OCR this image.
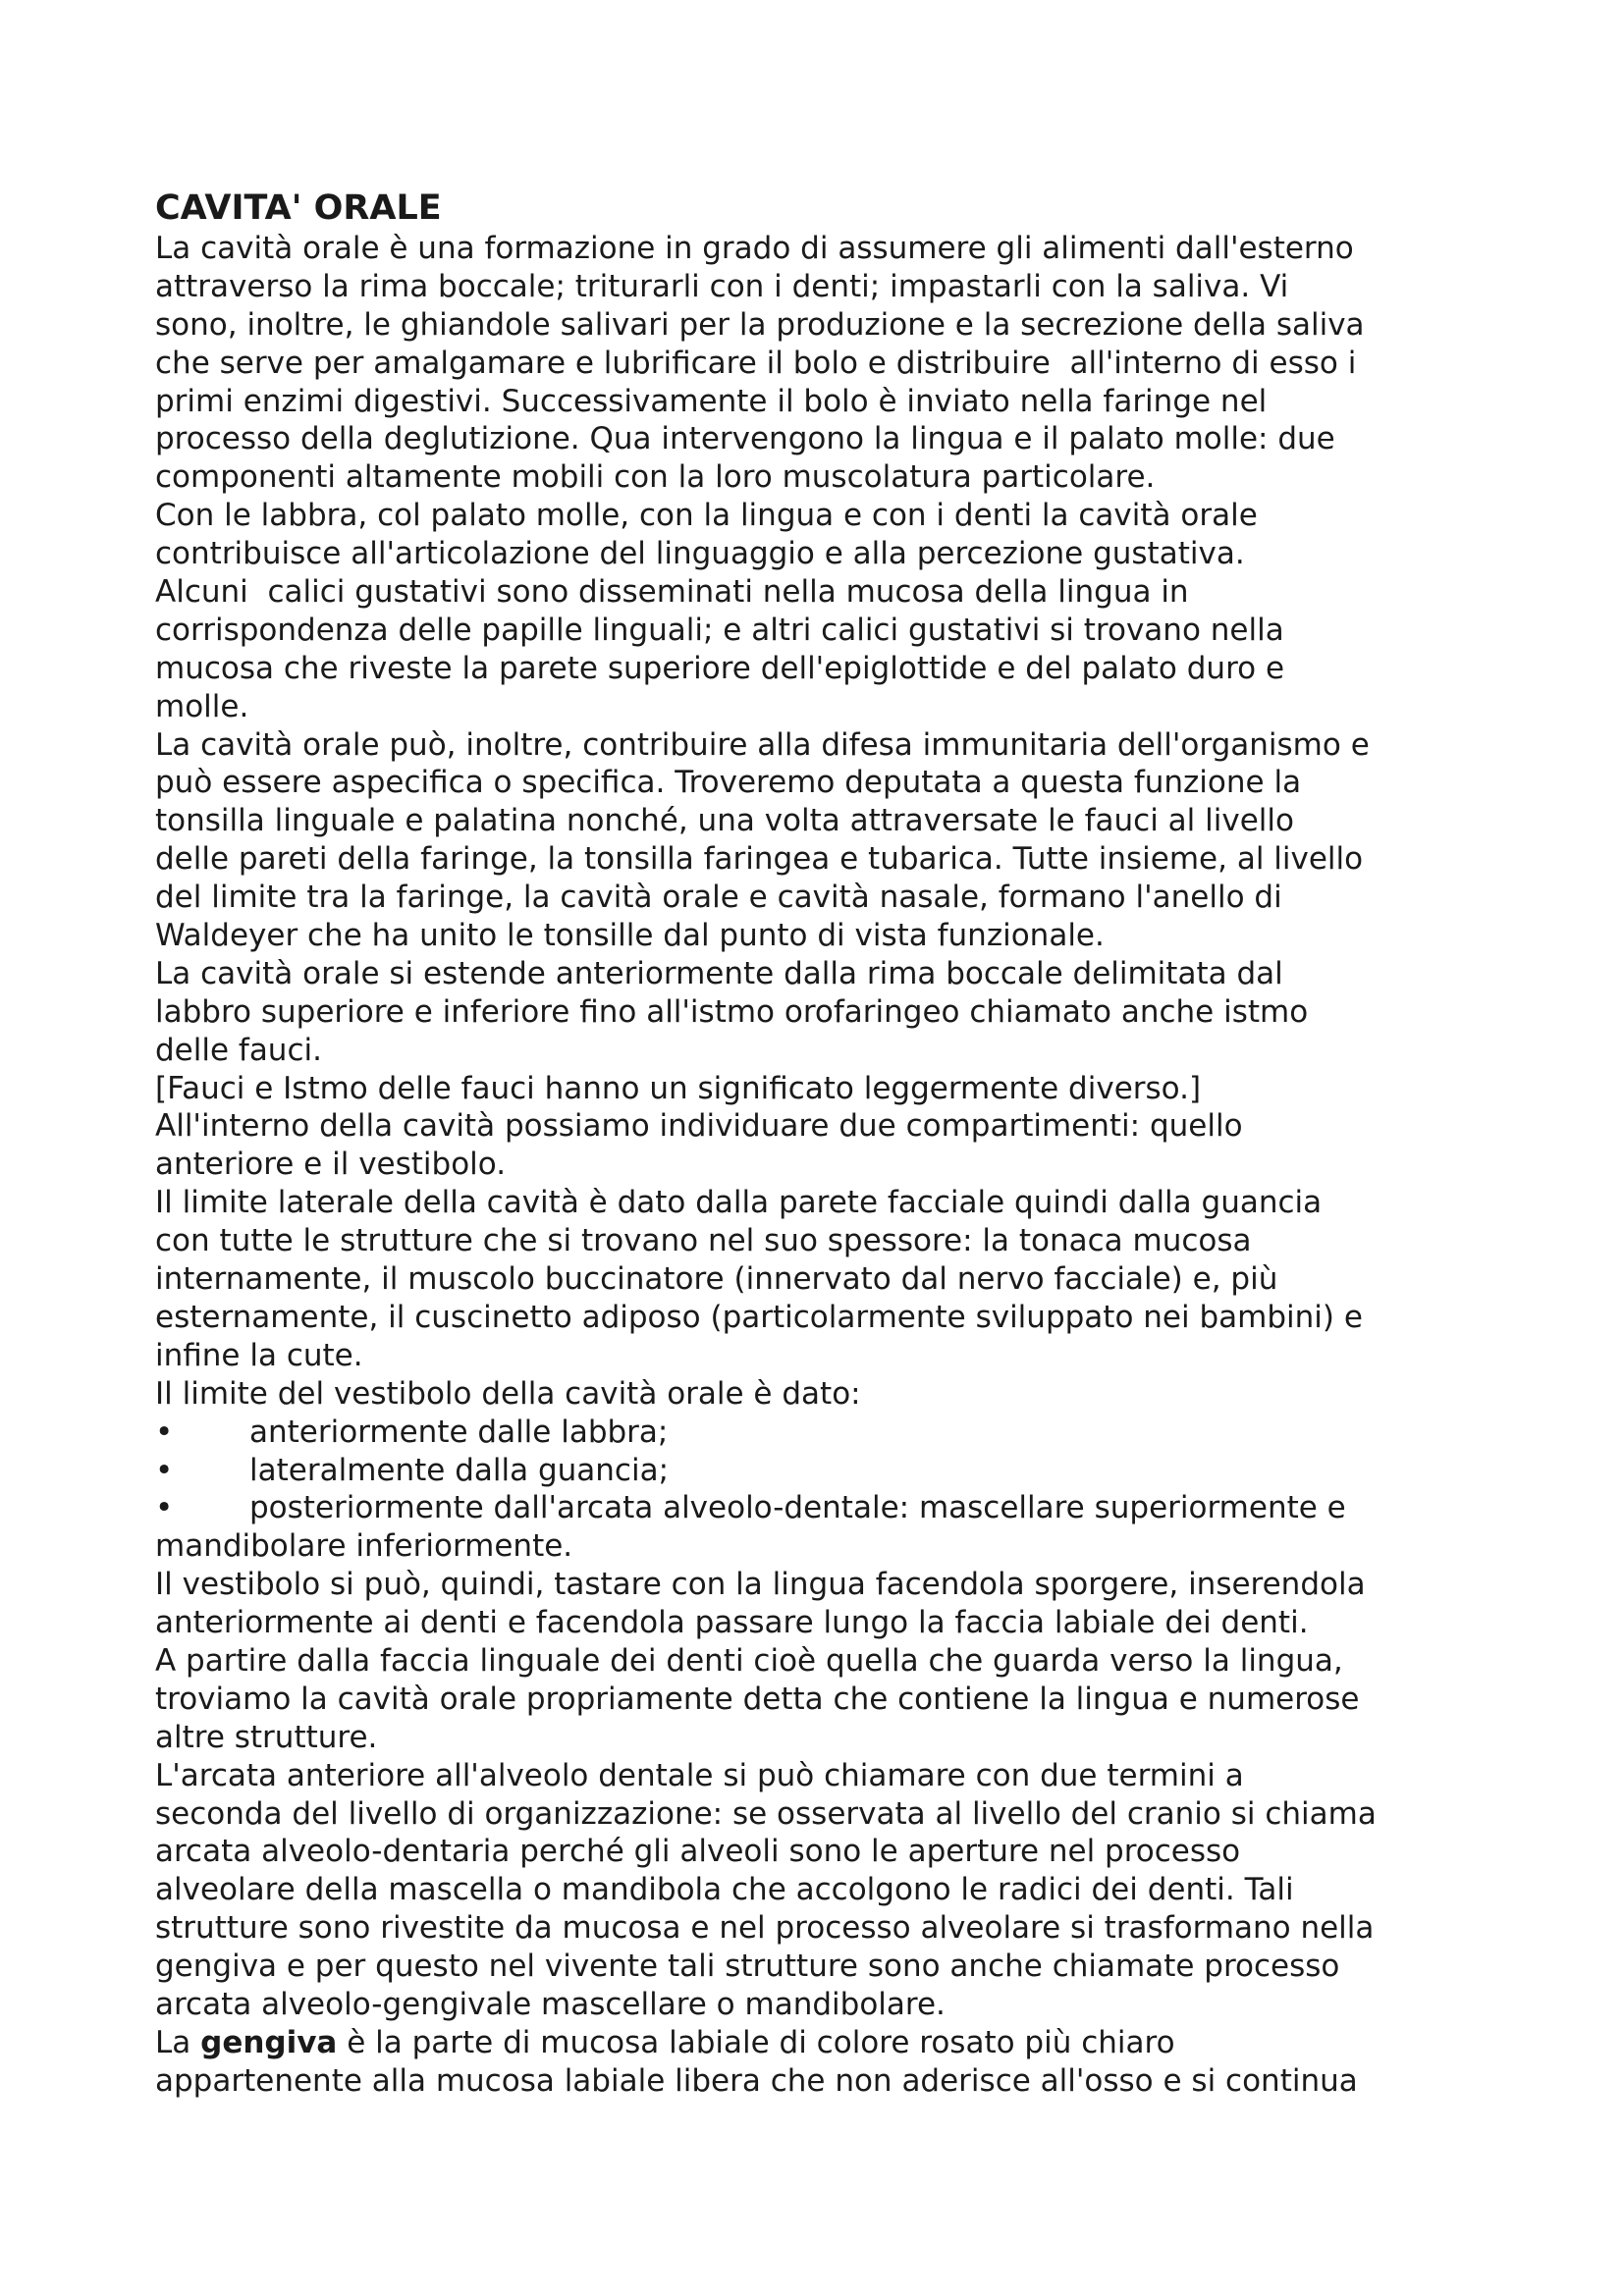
CAVITA' ORALE
La cavità orale è una formazione in grado di assumere gli alimenti dall'esterno
attraverso la rima boccale; triturarli con i denti; impastarli con la saliva. Vi
sono, inoltre, le ghiandole salivari per la produzione e la secrezione della saliva
che serve per amalgamare e lubrificare il bolo e distribuire  all'interno di esso i
primi enzimi digestivi. Successivamente il bolo è inviato nella faringe nel
processo della deglutizione. Qua intervengono la lingua e il palato molle: due
componenti altamente mobili con la loro muscolatura particolare.
Con le labbra, col palato molle, con la lingua e con i denti la cavità orale
contribuisce all'articolazione del linguaggio e alla percezione gustativa.
Alcuni  calici gustativi sono disseminati nella mucosa della lingua in
corrispondenza delle papille linguali; e altri calici gustativi si trovano nella
mucosa che riveste la parete superiore dell'epiglottide e del palato duro e
molle.
La cavità orale può, inoltre, contribuire alla difesa immunitaria dell'organismo e
può essere aspecifica o specifica. Troveremo deputata a questa funzione la
tonsilla linguale e palatina nonché, una volta attraversate le fauci al livello
delle pareti della faringe, la tonsilla faringea e tubarica. Tutte insieme, al livello
del limite tra la faringe, la cavità orale e cavità nasale, formano l'anello di
Waldeyer che ha unito le tonsille dal punto di vista funzionale.
La cavità orale si estende anteriormente dalla rima boccale delimitata dal
labbro superiore e inferiore fino all'istmo orofaringeo chiamato anche istmo
delle fauci.
[Fauci e Istmo delle fauci hanno un significato leggermente diverso.]
All'interno della cavità possiamo individuare due compartimenti: quello
anteriore e il vestibolo.
Il limite laterale della cavità è dato dalla parete facciale quindi dalla guancia
con tutte le strutture che si trovano nel suo spessore: la tonaca mucosa
internamente, il muscolo buccinatore (innervato dal nervo facciale) e, più
esternamente, il cuscinetto adiposo (particolarmente sviluppato nei bambini) e
infine la cute.
Il limite del vestibolo della cavità orale è dato:
•	anteriormente dalle labbra;
•	lateralmente dalla guancia;
•	posteriormente dall'arcata alveolo-dentale: mascellare superiormente e
mandibolare inferiormente.
Il vestibolo si può, quindi, tastare con la lingua facendola sporgere, inserendola
anteriormente ai denti e facendola passare lungo la faccia labiale dei denti.
A partire dalla faccia linguale dei denti cioè quella che guarda verso la lingua,
troviamo la cavità orale propriamente detta che contiene la lingua e numerose
altre strutture.
L'arcata anteriore all'alveolo dentale si può chiamare con due termini a
seconda del livello di organizzazione: se osservata al livello del cranio si chiama
arcata alveolo-dentaria perché gli alveoli sono le aperture nel processo
alveolare della mascella o mandibola che accolgono le radici dei denti. Tali
strutture sono rivestite da mucosa e nel processo alveolare si trasformano nella
gengiva e per questo nel vivente tali strutture sono anche chiamate processo
arcata alveolo-gengivale mascellare o mandibolare.
La gengiva è la parte di mucosa labiale di colore rosato più chiaro
appartenente alla mucosa labiale libera che non aderisce all'osso e si continua
